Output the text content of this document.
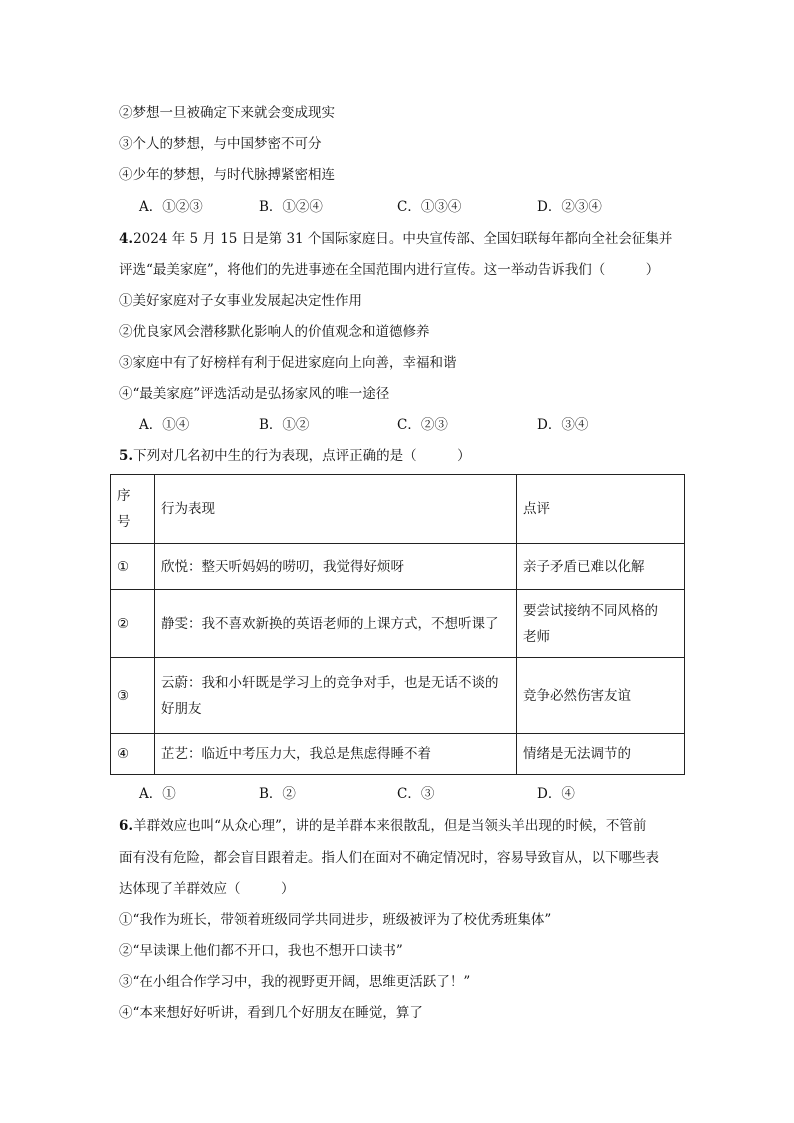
②梦想一旦被确定下来就会变成现实
③个人的梦想，与中国梦密不可分
④少年的梦想，与时代脉搏紧密相连
A．①②③	B．①②④	C．①③④	D．②③④
4.2024 年 5 月 15 日是第 31 个国际家庭日。中央宣传部、全国妇联每年都向全社会征集并
评选“最美家庭”，将他们的先进事迹在全国范围内进行宣传。这一举动告诉我们（　　　）
①美好家庭对子女事业发展起决定性作用
②优良家风会潜移默化影响人的价值观念和道德修养
③家庭中有了好榜样有利于促进家庭向上向善，幸福和谐
④“最美家庭”评选活动是弘扬家风的唯一途径
A．①④	B．①②	C．②③	D．③④
5.下列对几名初中生的行为表现，点评正确的是（　　　）
序
号	行为表现	点评
①	欣悦：整天听妈妈的唠叨，我觉得好烦呀	亲子矛盾已难以化解
②	静雯：我不喜欢新换的英语老师的上课方式，不想听课了	要尝试接纳不同风格的
老师

③	云蔚：我和小轩既是学习上的竞争对手，也是无话不谈的
好朋友	竞争必然伤害友谊
④	芷艺：临近中考压力大，我总是焦虑得睡不着	情绪是无法调节的
A．①	B．②	C．③	D．④
6.羊群效应也叫“从众心理”，讲的是羊群本来很散乱，但是当领头羊出现的时候，不管前
面有没有危险，都会盲目跟着走。指人们在面对不确定情况时，容易导致盲从，以下哪些表
达体现了羊群效应（　　　）
①“我作为班长，带领着班级同学共同进步，班级被评为了校优秀班集体”
②“早读课上他们都不开口，我也不想开口读书”
③“在小组合作学习中，我的视野更开阔，思维更活跃了！”
④“本来想好好听讲，看到几个好朋友在睡觉，算了
